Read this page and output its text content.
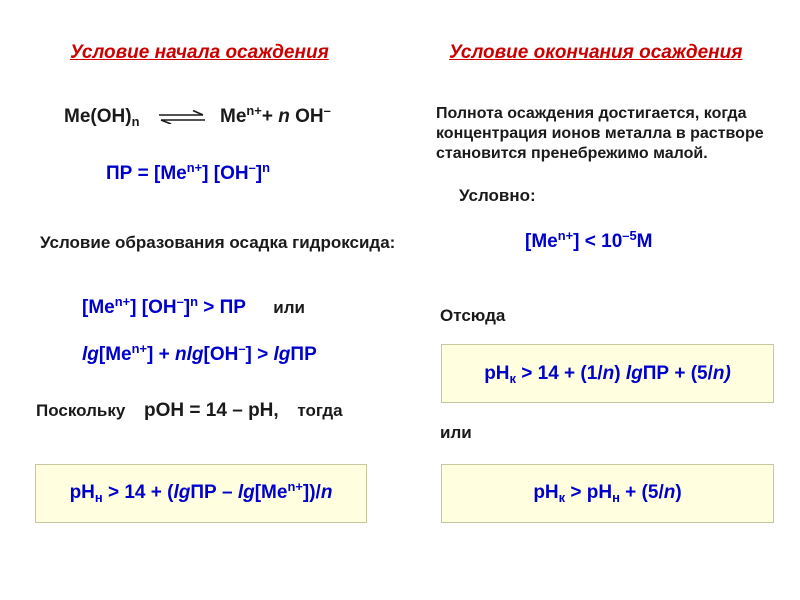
Условие начала осаждения	Условие окончания осаждения
$Me(OH)_n$ ⇌ $Me^{n+}+ n$ OH–
ПР = $[Me^{n+}]$ $[OH^-]^n$
Условие образования осадка гидроксида:
$[Me^{n+}] [OH^-]^n$ > ПР или
$\lg[Me^{n+}] + nlg[OH^-] > \lg ПР$
Поскольку pOH = 14 – pH, тогда
$pH_н > 14 + (\lg ПР - \lg[Me^{n+}])/n$
Полнота осаждения достигается, когда
концентрация ионов металла в растворе
становится пренебрежимо малой.
Условно:
$[Me^{n+}] < 10^{-5}M$
Отсюда
$pH_к > 14 + (1/n) \lg ПР + (5/n)$
или
$pH_к > pH_н + (5/n)$
